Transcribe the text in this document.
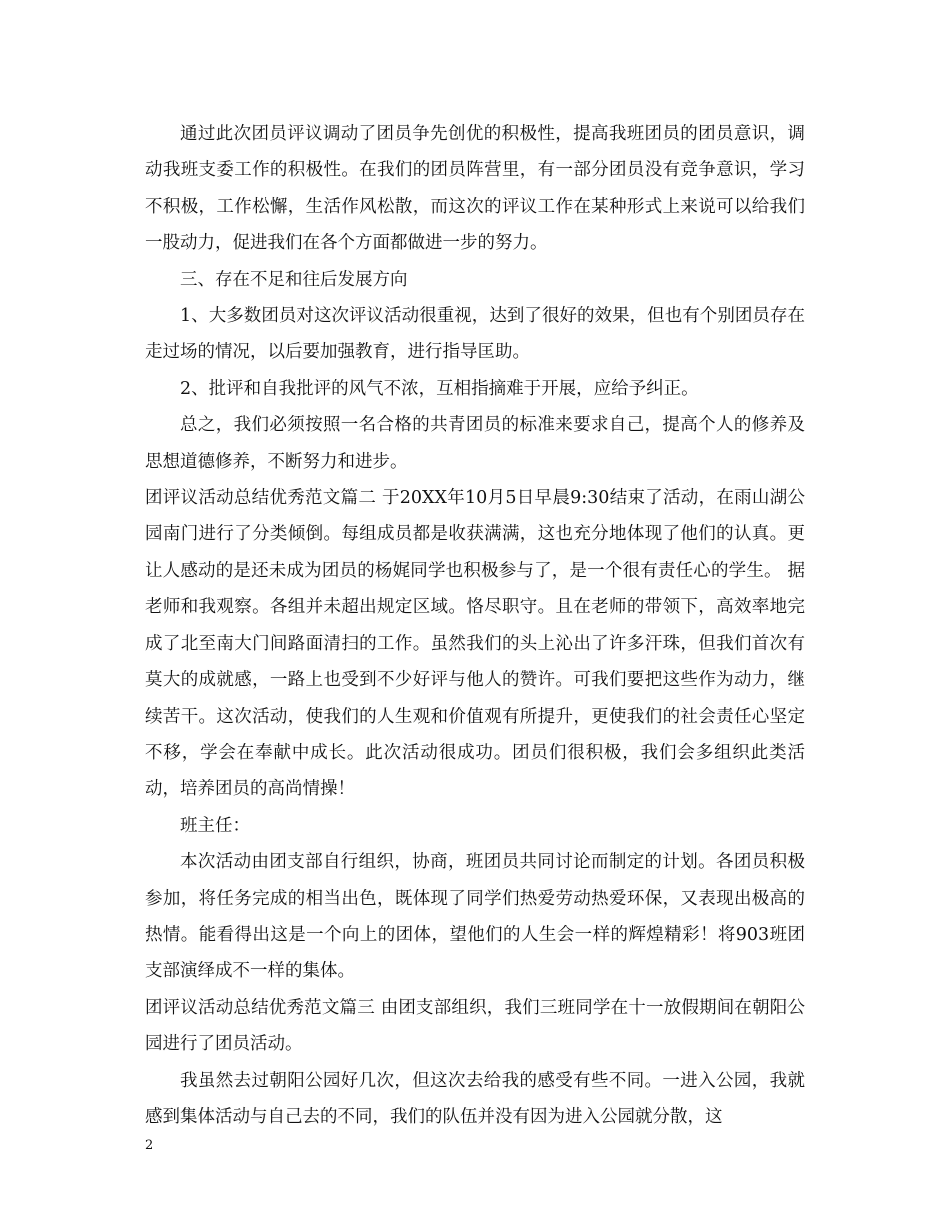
通过此次团员评议调动了团员争先创优的积极性，提高我班团员的团员意识，调动我班支委工作的积极性。在我们的团员阵营里，有一部分团员没有竞争意识，学习不积极，工作松懈，生活作风松散，而这次的评议工作在某种形式上来说可以给我们一股动力，促进我们在各个方面都做进一步的努力。

三、存在不足和往后发展方向

1、大多数团员对这次评议活动很重视，达到了很好的效果，但也有个别团员存在走过场的情况，以后要加强教育，进行指导匡助。

2、批评和自我批评的风气不浓，互相指摘难于开展，应给予纠正。

总之，我们必须按照一名合格的共青团员的标准来要求自己，提高个人的修养及思想道德修养，不断努力和进步。

团评议活动总结优秀范文篇二 于20XX年10月5日早晨9:30结束了活动，在雨山湖公园南门进行了分类倾倒。每组成员都是收获满满，这也充分地体现了他们的认真。更让人感动的是还未成为团员的杨娓同学也积极参与了，是一个很有责任心的学生。 据老师和我观察。各组并未超出规定区域。恪尽职守。且在老师的带领下，高效率地完成了北至南大门间路面清扫的工作。虽然我们的头上沁出了许多汗珠，但我们首次有莫大的成就感，一路上也受到不少好评与他人的赞许。可我们要把这些作为动力，继续苦干。这次活动，使我们的人生观和价值观有所提升，更使我们的社会责任心坚定不移，学会在奉献中成长。此次活动很成功。团员们很积极，我们会多组织此类活动，培养团员的高尚情操！

班主任：

本次活动由团支部自行组织，协商，班团员共同讨论而制定的计划。各团员积极参加，将任务完成的相当出色，既体现了同学们热爱劳动热爱环保，又表现出极高的热情。能看得出这是一个向上的团体，望他们的人生会一样的辉煌精彩！将903班团支部演绎成不一样的集体。

团评议活动总结优秀范文篇三 由团支部组织，我们三班同学在十一放假期间在朝阳公园进行了团员活动。

我虽然去过朝阳公园好几次，但这次去给我的感受有些不同。一进入公园，我就感到集体活动与自己去的不同，我们的队伍并没有因为进入公园就分散，这

2
